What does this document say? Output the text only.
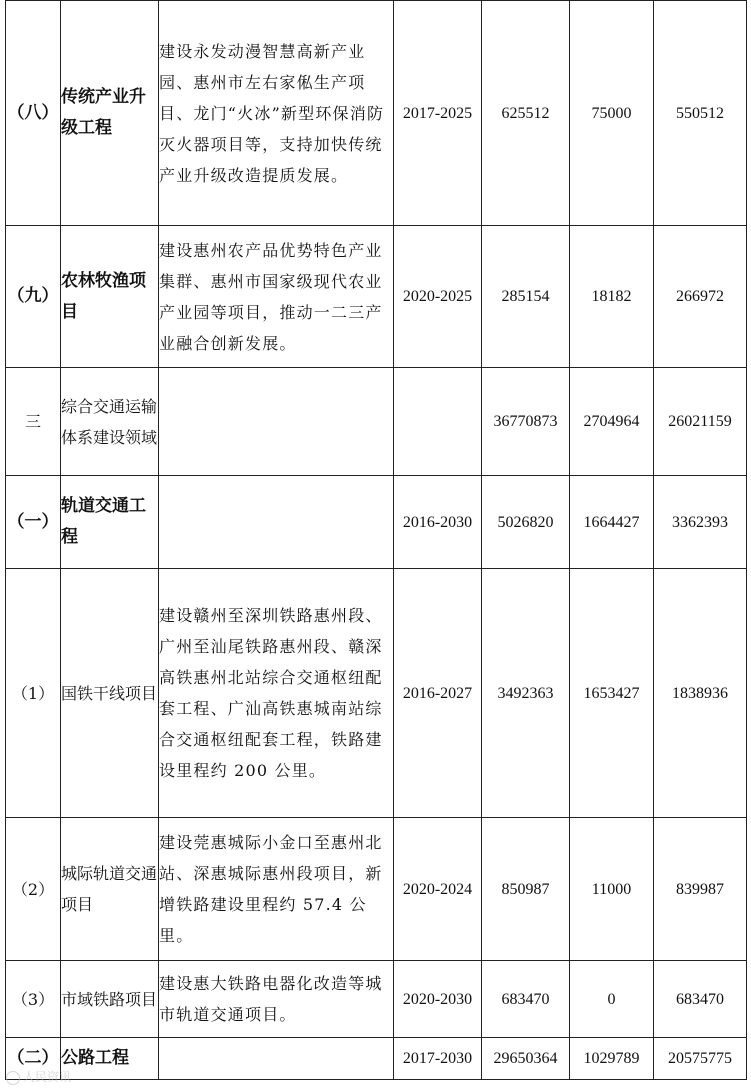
（八）	传统产业升级工程	建设永发动漫智慧高新产业园、惠州市左右家俬生产项目、龙门“火冰”新型环保消防灭火器项目等，支持加快传统产业升级改造提质发展。	2017-2025	625512	75000	550512
（九）	农林牧渔项目	建设惠州农产品优势特色产业集群、惠州市国家级现代农业产业园等项目，推动一二三产业融合创新发展。	2020-2025	285154	18182	266972
三	综合交通运输体系建设领域			36770873	2704964	26021159
（一）	轨道交通工程		2016-2030	5026820	1664427	3362393
（1）	国铁干线项目	建设赣州至深圳铁路惠州段、广州至汕尾铁路惠州段、赣深高铁惠州北站综合交通枢纽配套工程、广汕高铁惠城南站综合交通枢纽配套工程，铁路建设里程约 200 公里。	2016-2027	3492363	1653427	1838936
（2）	城际轨道交通项目	建设莞惠城际小金口至惠州北站、深惠城际惠州段项目，新增铁路建设里程约 57.4 公里。	2020-2024	850987	11000	839987
（3）	市域铁路项目	建设惠大铁路电器化改造等城市轨道交通项目。	2020-2030	683470	0	683470
（二）	公路工程		2017-2030	29650364	1029789	20575775
人民资讯
